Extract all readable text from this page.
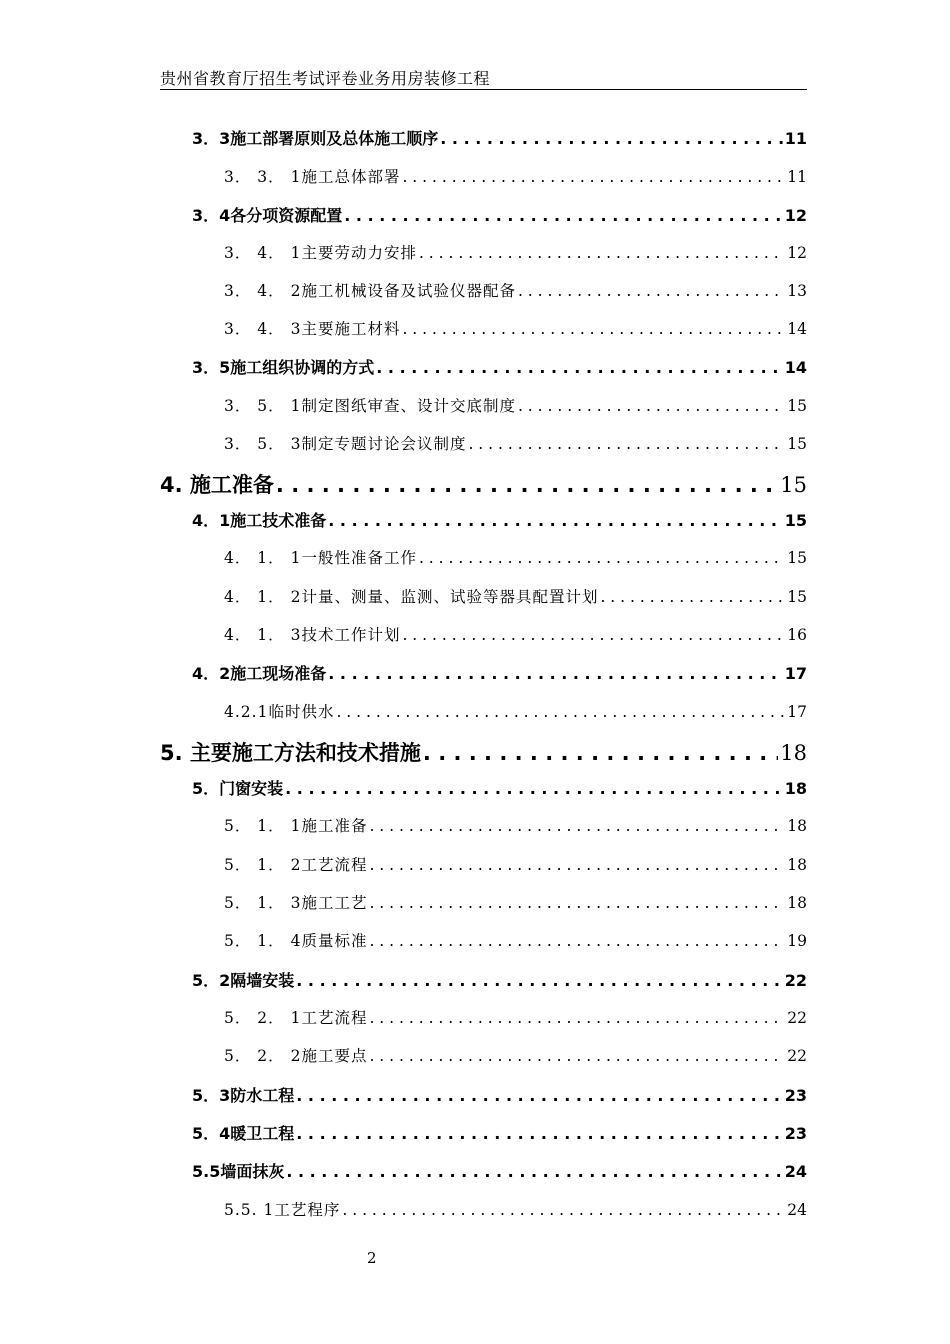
贵州省教育厅招生考试评卷业务用房装修工程
3．3施工部署原则及总体施工顺序 . . .	11
3． 3． 1施工总体部署 . . .	11
3．4各分项资源配置 . . .	12
3． 4． 1主要劳动力安排 . . .	12
3． 4． 2施工机械设备及试验仪器配备 . . .	13
3． 4． 3主要施工材料 . . .	14
3．5施工组织协调的方式 . . .	14
3． 5． 1制定图纸审查、设计交底制度 . . .	15
3． 5． 3制定专题讨论会议制度 . . .	15
4. 施工准备 . . .	15
4．1施工技术准备 . . .	15
4． 1． 1一般性准备工作 . . .	15
4． 1． 2计量、测量、监测、试验等器具配置计划 . . .	15
4． 1． 3技术工作计划 . . .	16
4．2施工现场准备 . . .	17
4.2.1临时供水 . . .	17
5. 主要施工方法和技术措施 . . .	18
5．门窗安装 . . .	18
5． 1． 1施工准备 . . .	18
5． 1． 2工艺流程 . . .	18
5． 1． 3施工工艺 . . .	18
5． 1． 4质量标准 . . .	19
5．2隔墙安装 . . .	22
5． 2． 1工艺流程 . . .	22
5． 2． 2施工要点 . . .	22
5．3防水工程 . . .	23
5．4暖卫工程 . . .	23
5.5墙面抹灰 . . .	24
5.5. 1工艺程序 . . .	24
2
